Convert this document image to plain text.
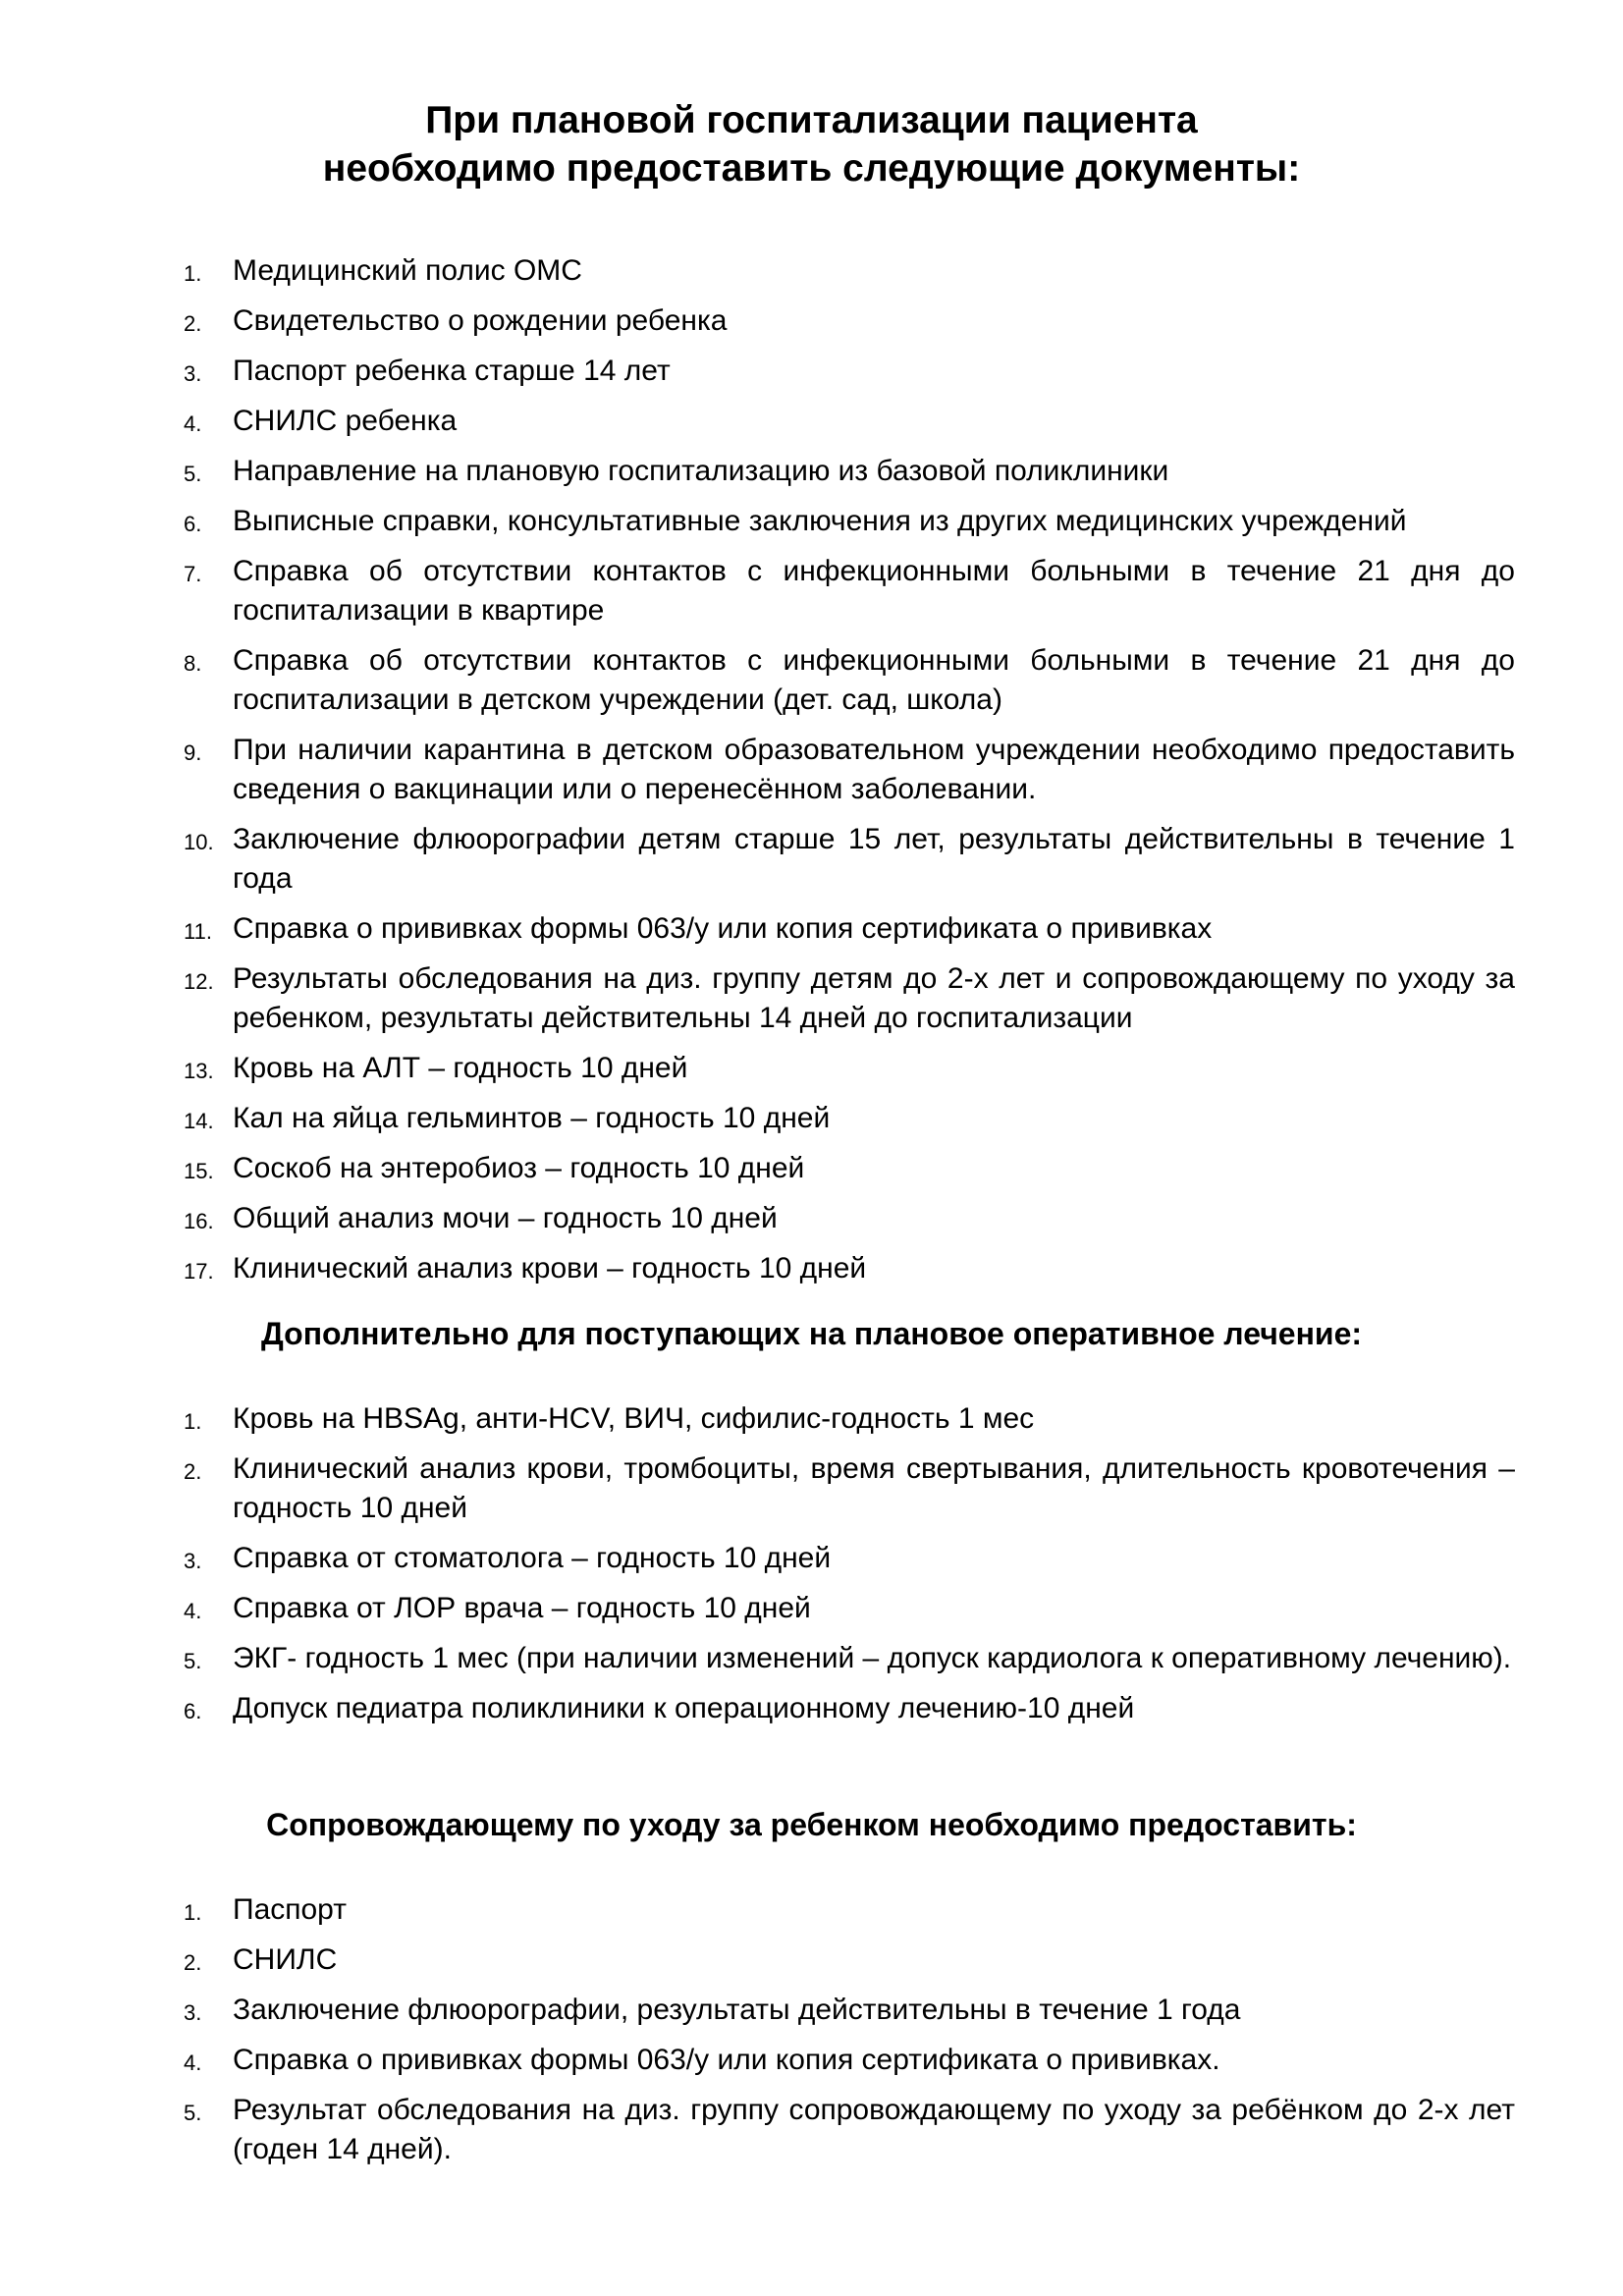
При плановой госпитализации пациента
необходимо предоставить следующие документы:
1. Медицинский полис ОМС
2. Свидетельство о рождении ребенка
3. Паспорт ребенка старше 14 лет
4. СНИЛС ребенка
5. Направление на плановую госпитализацию из базовой поликлиники
6. Выписные справки, консультативные заключения из других медицинских учреждений
7. Справка об отсутствии контактов с инфекционными больными в течение 21 дня до госпитализации в квартире
8. Справка об отсутствии контактов с инфекционными больными в течение 21 дня до госпитализации в детском учреждении (дет. сад, школа)
9. При наличии карантина в детском образовательном учреждении необходимо предоставить сведения о вакцинации или о перенесённом заболевании.
10. Заключение флюорографии детям старше 15 лет, результаты действительны в течение 1 года
11. Справка о прививках формы 063/у или копия сертификата о прививках
12. Результаты обследования на диз. группу детям до 2-х лет и сопровождающему по уходу за ребенком, результаты действительны 14 дней до госпитализации
13. Кровь на АЛТ – годность 10 дней
14. Кал на яйца гельминтов – годность 10 дней
15. Соскоб на энтеробиоз – годность 10 дней
16. Общий анализ мочи – годность 10 дней
17. Клинический анализ крови – годность 10 дней
Дополнительно для поступающих на плановое оперативное лечение:
1. Кровь на HBSAg, анти-HCV, ВИЧ, сифилис-годность 1 мес
2. Клинический анализ крови, тромбоциты, время свертывания, длительность кровотечения – годность 10 дней
3. Справка от стоматолога – годность 10 дней
4. Справка от ЛОР врача – годность 10 дней
5. ЭКГ- годность 1 мес (при наличии изменений – допуск кардиолога к оперативному лечению).
6. Допуск педиатра поликлиники к операционному лечению-10 дней
Сопровождающему по уходу за ребенком необходимо предоставить:
1. Паспорт
2. СНИЛС
3. Заключение флюорографии, результаты действительны в течение 1 года
4. Справка о прививках формы 063/у или копия сертификата о прививках.
5. Результат обследования на диз. группу сопровождающему по уходу за ребёнком до 2-х лет (годен 14 дней).
